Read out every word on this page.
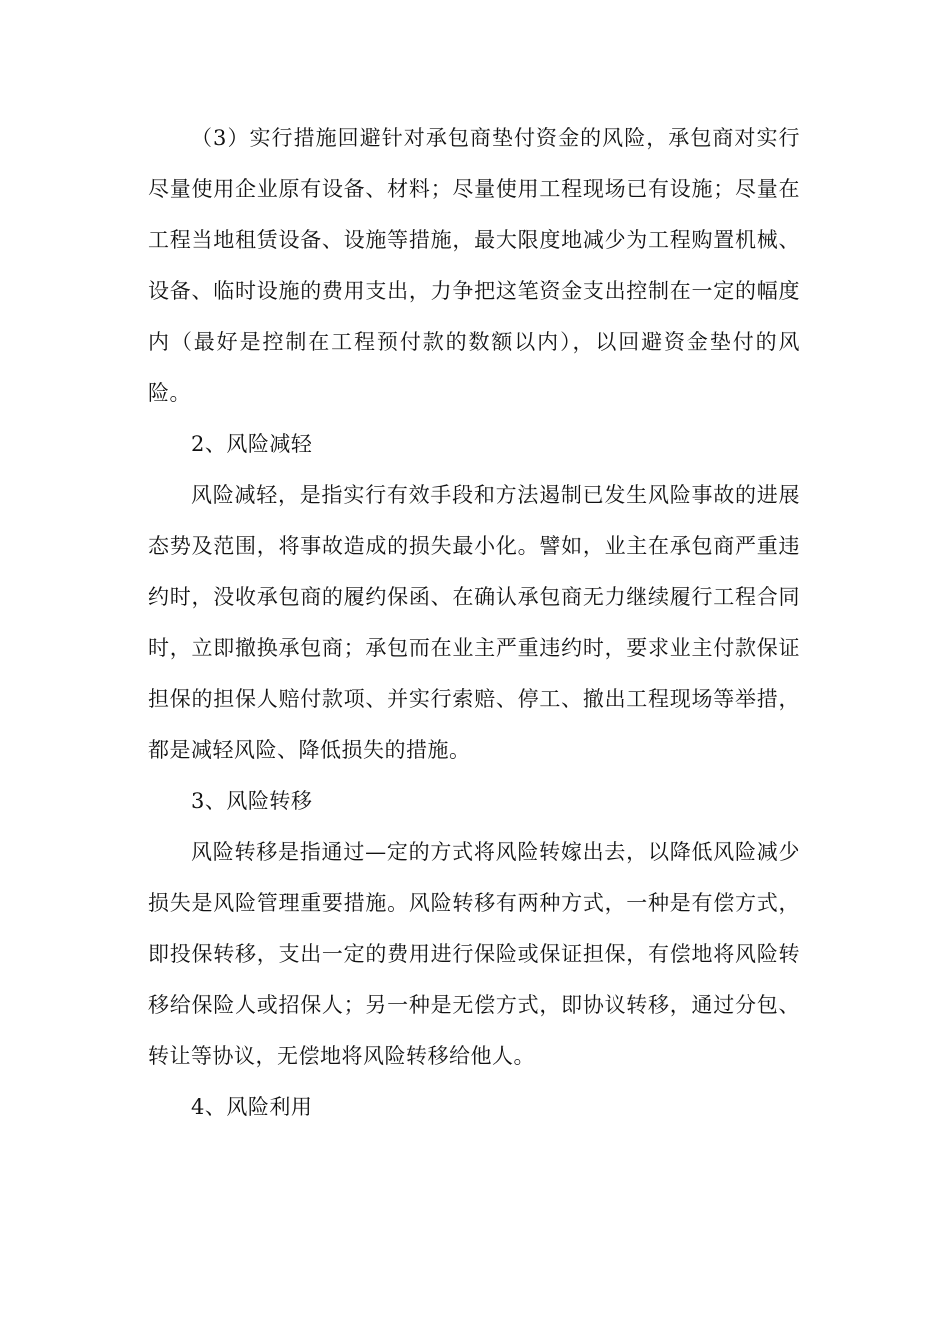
（3）实行措施回避针对承包商垫付资金的风险，承包商对实行尽量使用企业原有设备、材料；尽量使用工程现场已有设施；尽量在工程当地租赁设备、设施等措施，最大限度地减少为工程购置机械、设备、临时设施的费用支出，力争把这笔资金支出控制在一定的幅度内（最好是控制在工程预付款的数额以内），以回避资金垫付的风险。

2、风险减轻

风险减轻，是指实行有效手段和方法遏制已发生风险事故的进展态势及范围，将事故造成的损失最小化。譬如，业主在承包商严重违约时，没收承包商的履约保函、在确认承包商无力继续履行工程合同时，立即撤换承包商；承包而在业主严重违约时，要求业主付款保证担保的担保人赔付款项、并实行索赔、停工、撤出工程现场等举措，都是减轻风险、降低损失的措施。

3、风险转移

风险转移是指通过—定的方式将风险转嫁出去，以降低风险减少损失是风险管理重要措施。风险转移有两种方式，一种是有偿方式，即投保转移，支出一定的费用进行保险或保证担保，有偿地将风险转移给保险人或招保人；另一种是无偿方式，即协议转移，通过分包、转让等协议，无偿地将风险转移给他人。

4、风险利用
